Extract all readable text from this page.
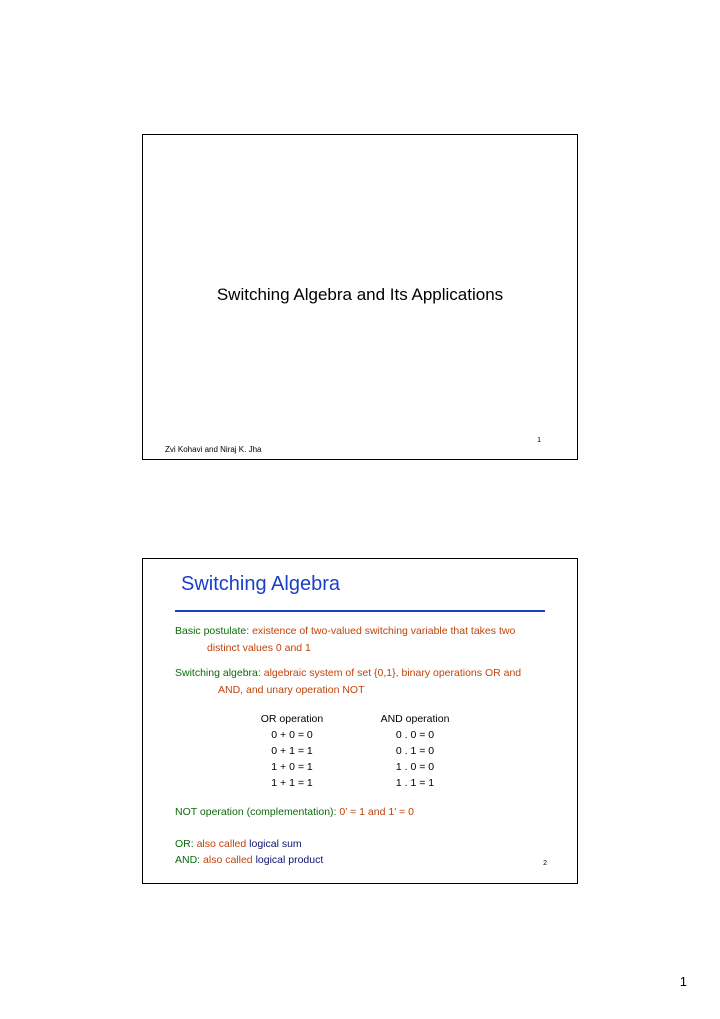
Switching Algebra and Its Applications
1
Zvi Kohavi and Niraj K. Jha
Switching Algebra
Basic postulate: existence of two-valued switching variable that takes two
distinct values 0 and 1
Switching algebra: algebraic system of set {0,1}, binary operations OR and
AND, and unary operation NOT
OR operation
0 + 0 = 0
0 + 1 = 1
1 + 0 = 1
1 + 1 = 1
AND operation
0 . 0 = 0
0 . 1 = 0
1 . 0 = 0
1 . 1 = 1
NOT operation (complementation): 0’ = 1 and 1’ = 0
OR: also called logical sum
AND: also called logical product	2
1
